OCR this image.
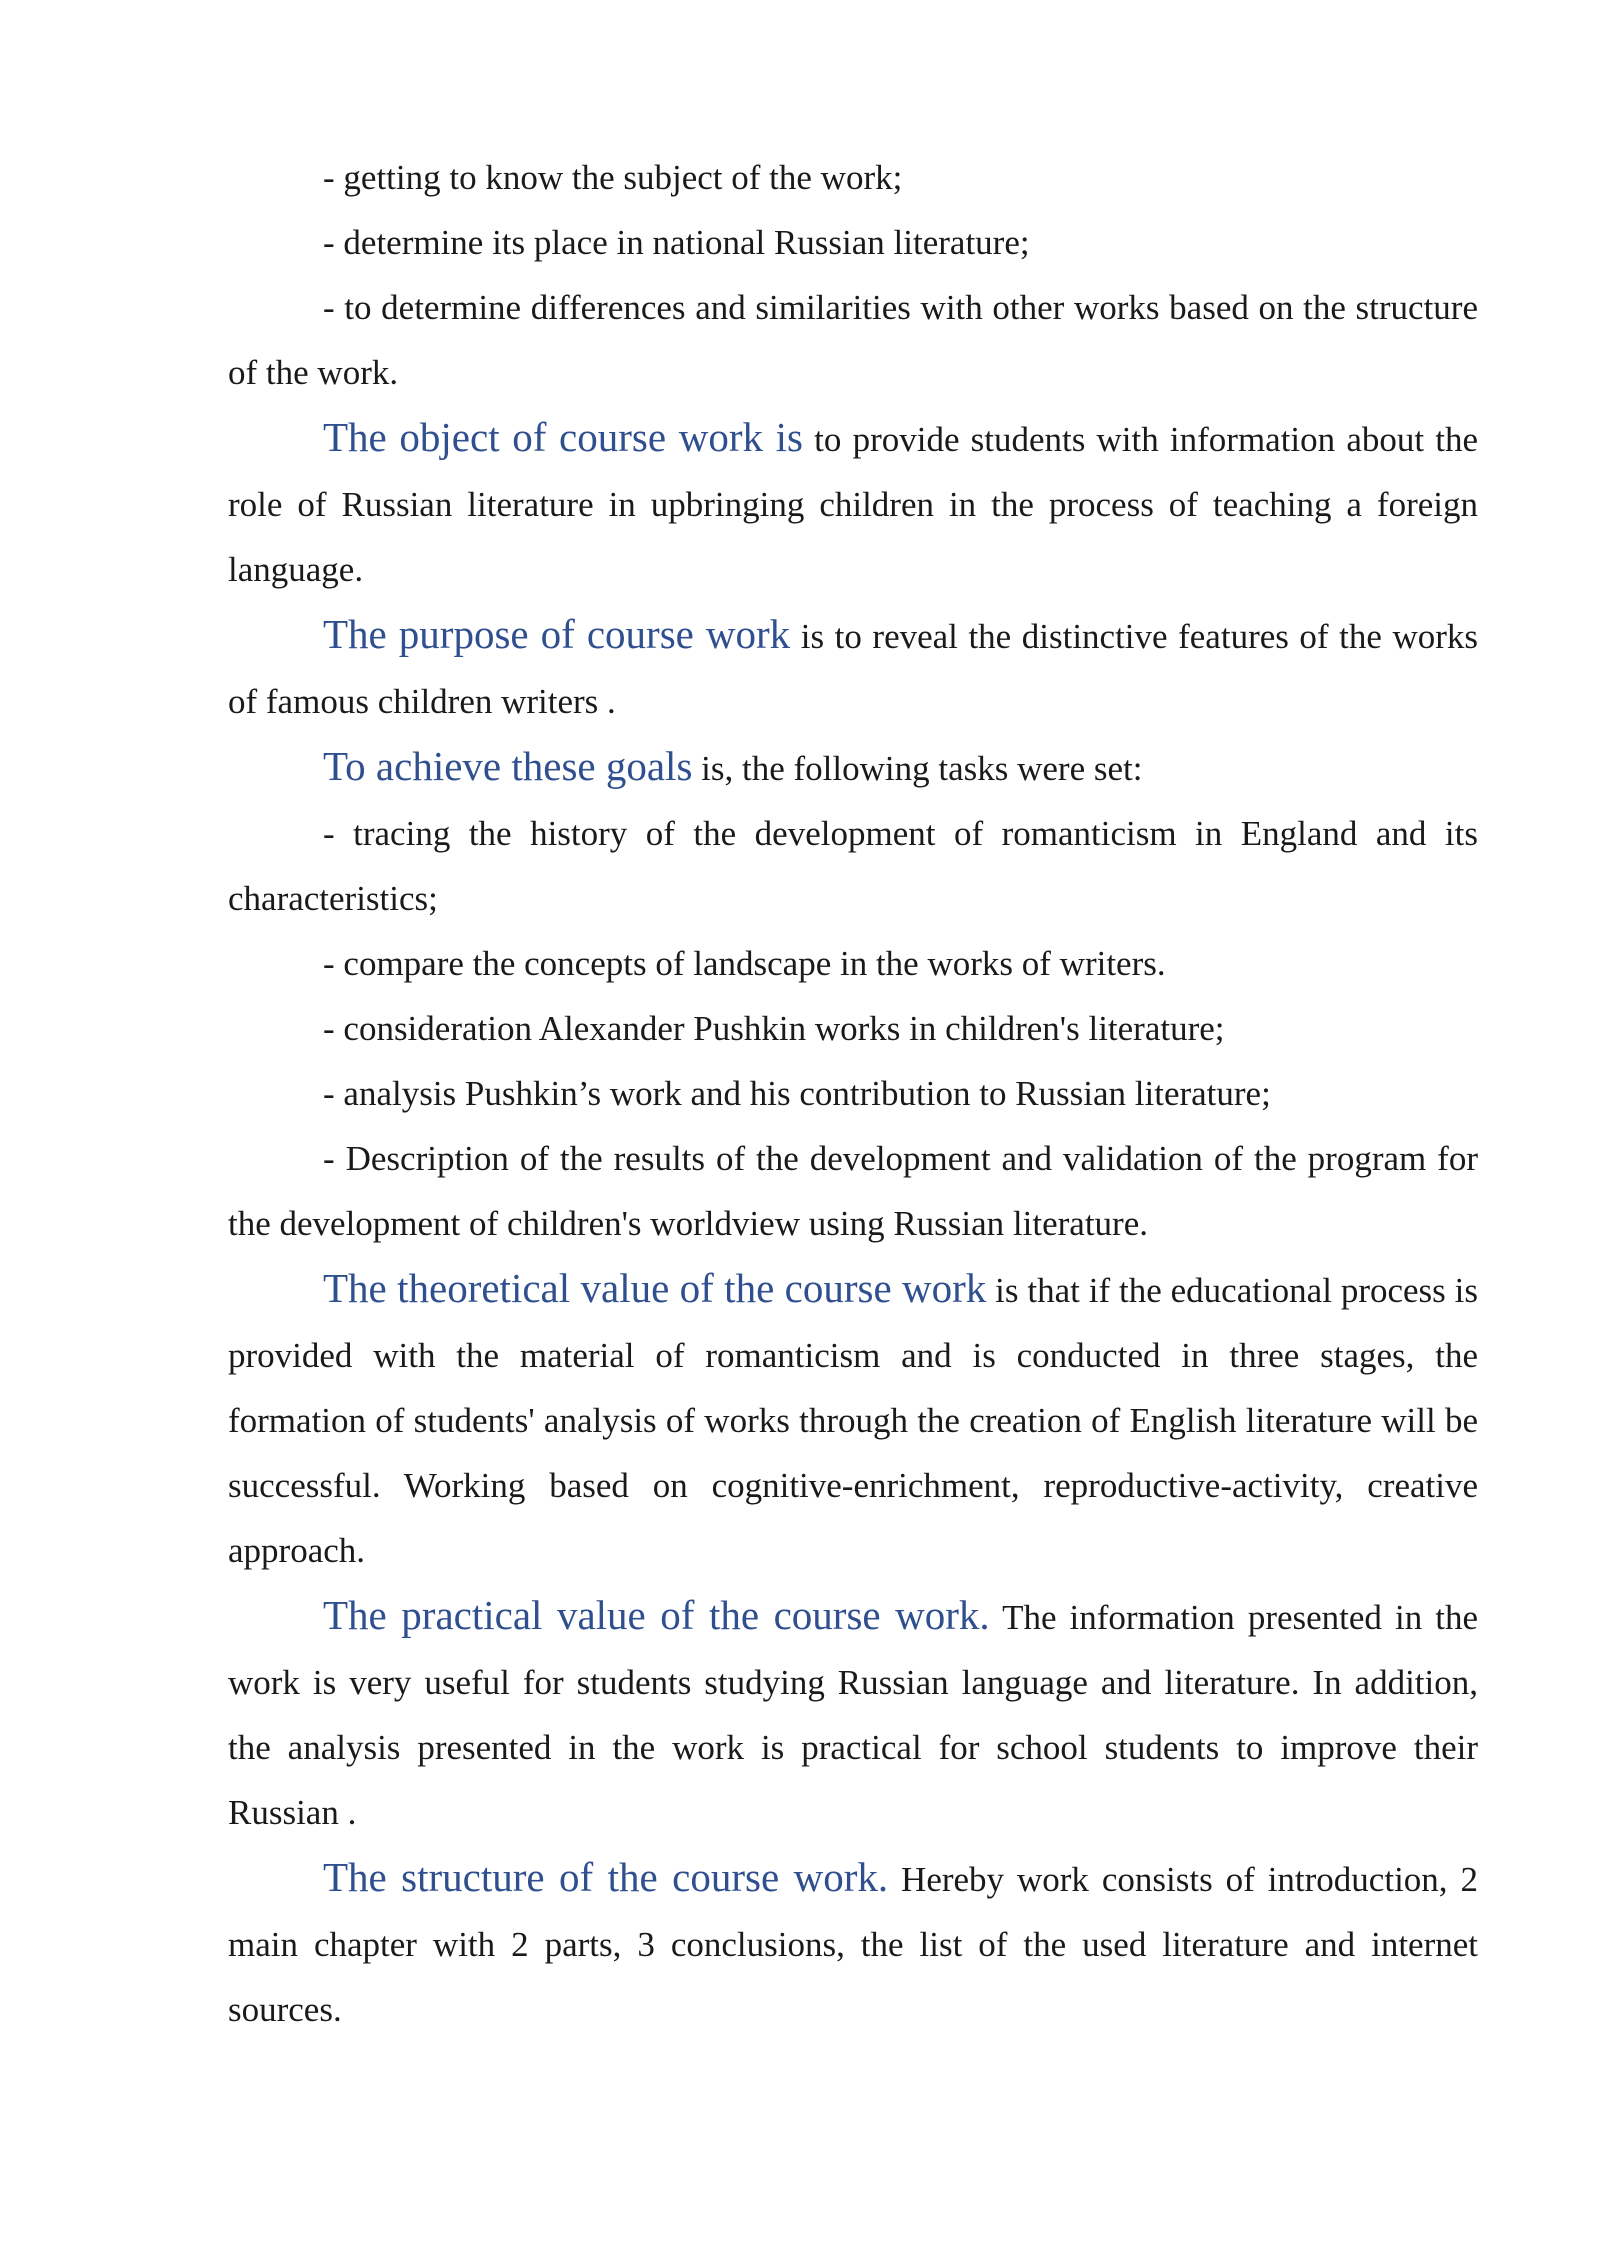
- getting to know the subject of the work;

- determine its place in national Russian literature;

- to determine differences and similarities with other works based on the structure of the work.

The object of course work is to provide students with information about the role of Russian literature in upbringing children in the process of teaching a foreign language.

The purpose of course work is to reveal the distinctive features of the works of famous children writers .

To achieve these goals is, the following tasks were set:

- tracing the history of the development of romanticism in England and its characteristics;

- compare the concepts of landscape in the works of writers.

- consideration Alexander Pushkin works in children's literature;

- analysis Pushkin’s work and his contribution to Russian literature;

- Description of the results of the development and validation of the program for the development of children's worldview using Russian literature.

The theoretical value of the course work is that if the educational process is provided with the material of romanticism and is conducted in three stages, the formation of students' analysis of works through the creation of English literature will be successful. Working based on cognitive-enrichment, reproductive-activity, creative approach.

The practical value of the course work. The information presented in the work is very useful for students studying Russian language and literature. In addition, the analysis presented in the work is practical for school students to improve their Russian .

The structure of the course work. Hereby work consists of introduction, 2 main chapter with 2 parts, 3 conclusions, the list of the used literature and internet sources.
